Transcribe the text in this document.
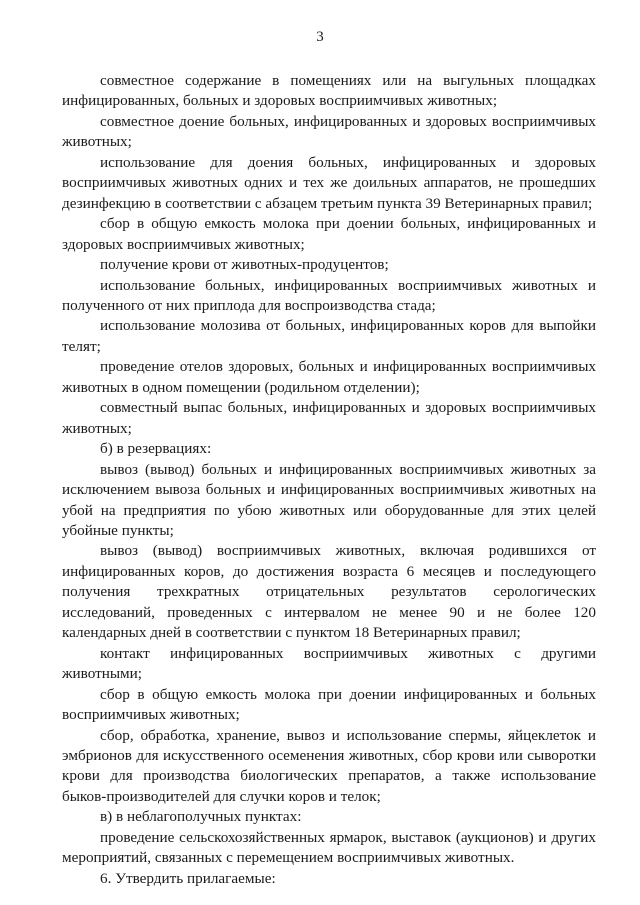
3

совместное содержание в помещениях или на выгульных площадках инфицированных, больных и здоровых восприимчивых животных;

совместное доение больных, инфицированных и здоровых восприимчивых животных;

использование для доения больных, инфицированных и здоровых восприимчивых животных одних и тех же доильных аппаратов, не прошедших дезинфекцию в соответствии с абзацем третьим пункта 39 Ветеринарных правил;

сбор в общую емкость молока при доении больных, инфицированных и здоровых восприимчивых животных;

получение крови от животных-продуцентов;

использование больных, инфицированных восприимчивых животных и полученного от них приплода для воспроизводства стада;

использование молозива от больных, инфицированных коров для выпойки телят;

проведение отелов здоровых, больных и инфицированных восприимчивых животных в одном помещении (родильном отделении);

совместный выпас больных, инфицированных и здоровых восприимчивых животных;

б) в резервациях:

вывоз (вывод) больных и инфицированных восприимчивых животных за исключением вывоза больных и инфицированных восприимчивых животных на убой на предприятия по убою животных или оборудованные для этих целей убойные пункты;

вывоз (вывод) восприимчивых животных, включая родившихся от инфицированных коров, до достижения возраста 6 месяцев и последующего получения трехкратных отрицательных результатов серологических исследований, проведенных с интервалом не менее 90 и не более 120 календарных дней в соответствии с пунктом 18 Ветеринарных правил;

контакт инфицированных восприимчивых животных с другими животными;

сбор в общую емкость молока при доении инфицированных и больных восприимчивых животных;

сбор, обработка, хранение, вывоз и использование спермы, яйцеклеток и эмбрионов для искусственного осеменения животных, сбор крови или сыворотки крови для производства биологических препаратов, а также использование быков-производителей для случки коров и телок;

в) в неблагополучных пунктах:

проведение сельскохозяйственных ярмарок, выставок (аукционов) и других мероприятий, связанных с перемещением восприимчивых животных.

6. Утвердить прилагаемые:
